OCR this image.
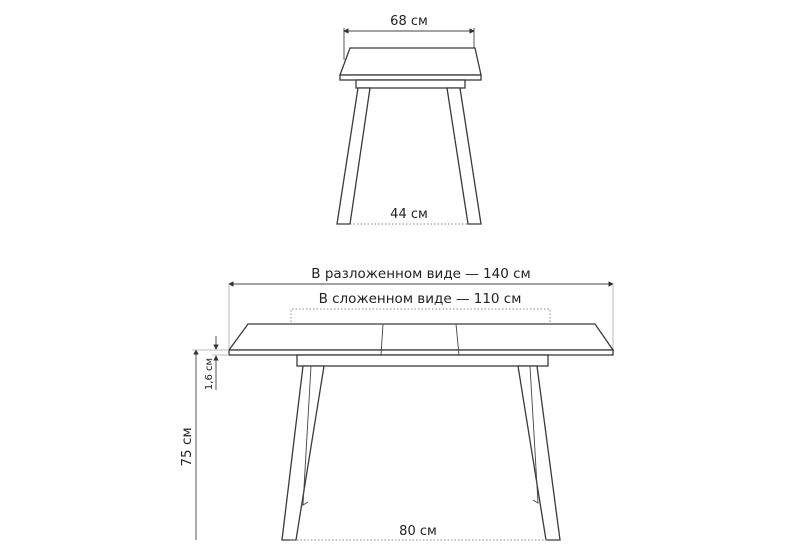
68 см
44 см
В разложенном виде — 140 см
В сложенном виде — 110 см
80 см
75 см
1,6 см
